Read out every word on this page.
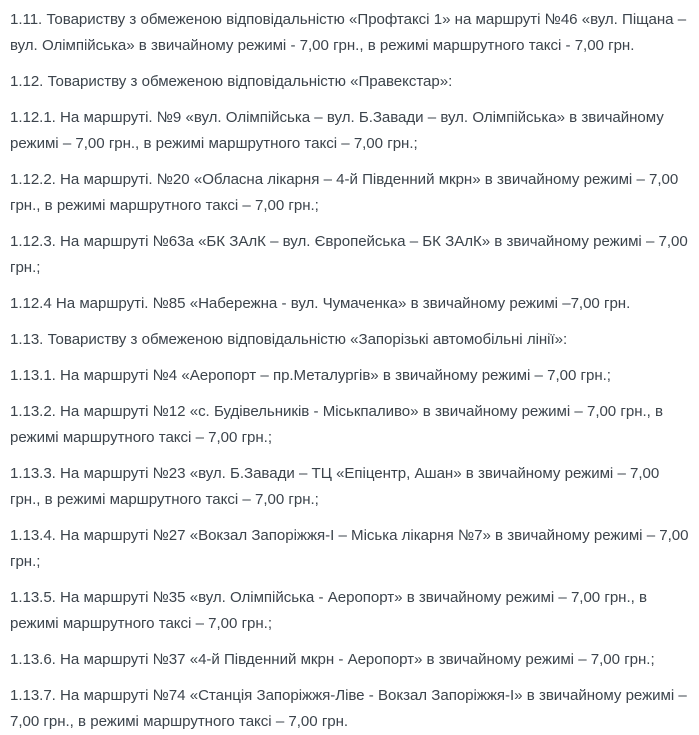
1.11. Товариству з обмеженою відповідальністю «Профтаксі 1» на маршруті №46 «вул. Піщана – вул. Олімпійська» в звичайному режимі - 7,00 грн., в режимі маршрутного таксі - 7,00 грн.

1.12. Товариству з обмеженою відповідальністю «Правекстар»:

1.12.1. На маршруті. №9 «вул. Олімпійська – вул. Б.Завади – вул. Олімпійська» в звичайному режимі – 7,00 грн., в режимі маршрутного таксі – 7,00 грн.;

1.12.2. На маршруті. №20 «Обласна лікарня – 4-й Південний мкрн» в звичайному режимі – 7,00 грн., в режимі маршрутного таксі – 7,00 грн.;

1.12.3. На маршруті №63а «БК ЗАлК – вул. Європейська – БК ЗАлК» в звичайному режимі – 7,00 грн.;

1.12.4 На маршруті. №85 «Набережна - вул. Чумаченка» в звичайному режимі –7,00 грн.

1.13. Товариству з обмеженою відповідальністю «Запорізькі автомобільні лінії»:

1.13.1. На маршруті №4 «Аеропорт – пр.Металургів» в звичайному режимі – 7,00 грн.;

1.13.2. На маршруті №12 «с. Будівельників - Міськпаливо» в звичайному режимі – 7,00 грн., в режимі маршрутного таксі – 7,00 грн.;

1.13.3. На маршруті №23 «вул. Б.Завади – ТЦ «Епіцентр, Ашан» в звичайному режимі – 7,00 грн., в режимі маршрутного таксі – 7,00 грн.;

1.13.4. На маршруті №27 «Вокзал Запоріжжя-І – Міська лікарня №7» в звичайному режимі – 7,00 грн.;

1.13.5. На маршруті №35 «вул. Олімпійська - Аеропорт» в звичайному режимі – 7,00 грн., в режимі маршрутного таксі – 7,00 грн.;

1.13.6. На маршруті №37 «4-й Південний мкрн - Аеропорт» в звичайному режимі – 7,00 грн.;

1.13.7. На маршруті №74 «Станція Запоріжжя-Ліве - Вокзал Запоріжжя-І» в звичайному режимі – 7,00 грн., в режимі маршрутного таксі – 7,00 грн.
